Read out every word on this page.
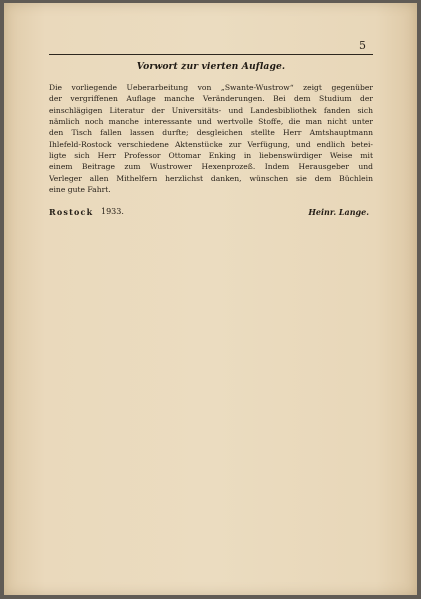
5
Vorwort zur vierten Auflage.
Die vorliegende Ueberarbeitung von „Swante-Wustrow“ zeigt gegenüber
der vergriffenen Auflage manche Veränderungen. Bei dem Studium der
einschlägigen Literatur der Universitäts- und Landesbibliothek fanden sich
nämlich noch manche interessante und wertvolle Stoffe, die man nicht unter
den Tisch fallen lassen durfte; desgleichen stellte Herr Amtshauptmann
Ihlefeld-Rostock verschiedene Aktenstücke zur Verfügung, und endlich betei-
ligte sich Herr Professor Ottomar Enking in liebenswürdiger Weise mit
einem Beitrage zum Wustrower Hexenprozeß. Indem Herausgeber und
Verleger allen Mithelfern herzlichst danken, wünschen sie dem Büchlein
eine gute Fahrt.
Rostock 1933.	Heinr. Lange.
